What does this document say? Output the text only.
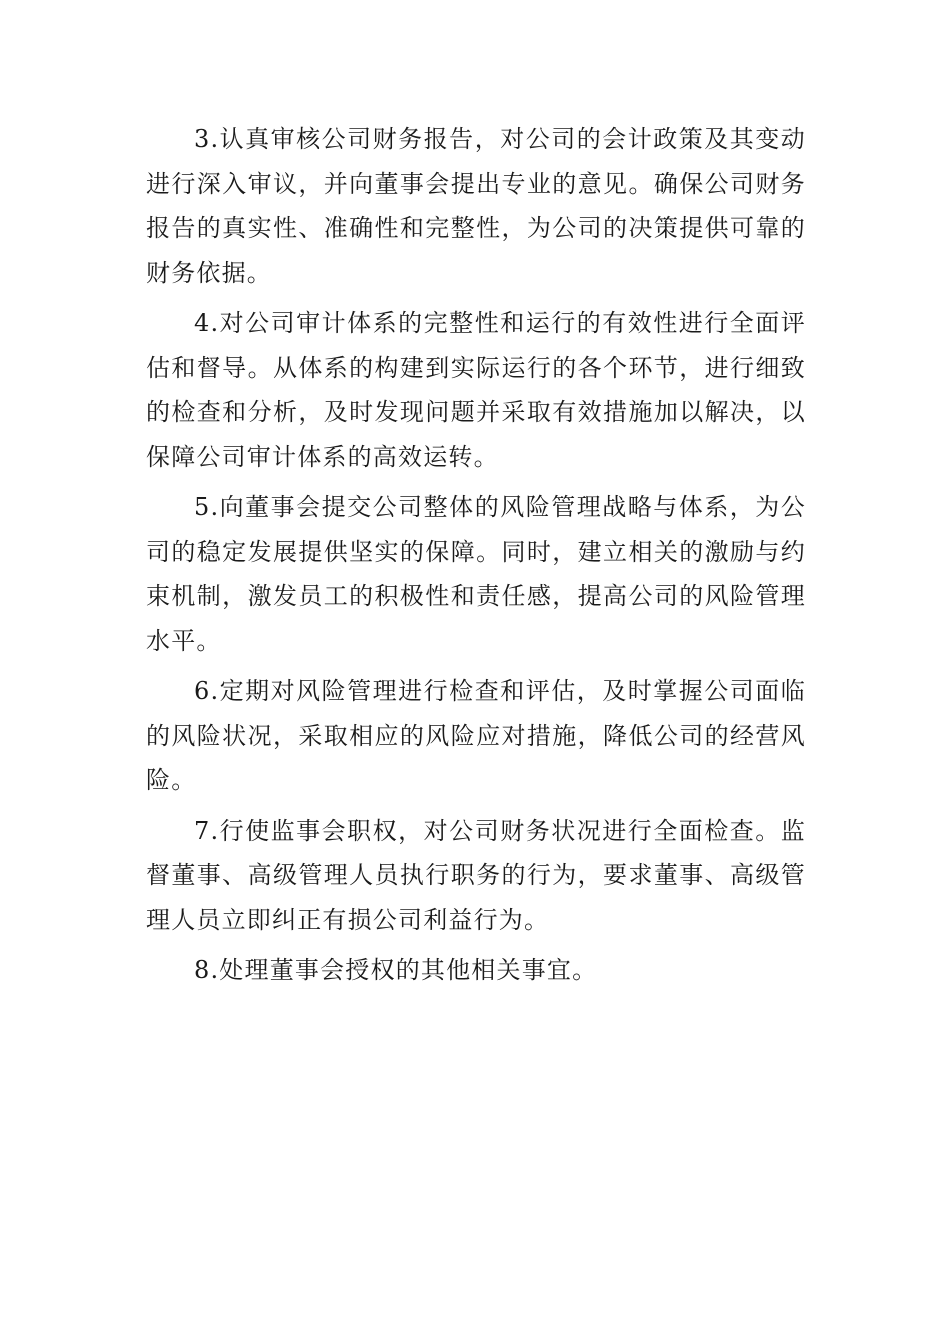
3.认真审核公司财务报告，对公司的会计政策及其变动进行深入审议，并向董事会提出专业的意见。确保公司财务报告的真实性、准确性和完整性，为公司的决策提供可靠的财务依据。

4.对公司审计体系的完整性和运行的有效性进行全面评估和督导。从体系的构建到实际运行的各个环节，进行细致的检查和分析，及时发现问题并采取有效措施加以解决，以保障公司审计体系的高效运转。

5.向董事会提交公司整体的风险管理战略与体系，为公司的稳定发展提供坚实的保障。同时，建立相关的激励与约束机制，激发员工的积极性和责任感，提高公司的风险管理水平。

6.定期对风险管理进行检查和评估，及时掌握公司面临的风险状况，采取相应的风险应对措施，降低公司的经营风险。

7.行使监事会职权，对公司财务状况进行全面检查。监督董事、高级管理人员执行职务的行为，要求董事、高级管理人员立即纠正有损公司利益行为。

8.处理董事会授权的其他相关事宜。
